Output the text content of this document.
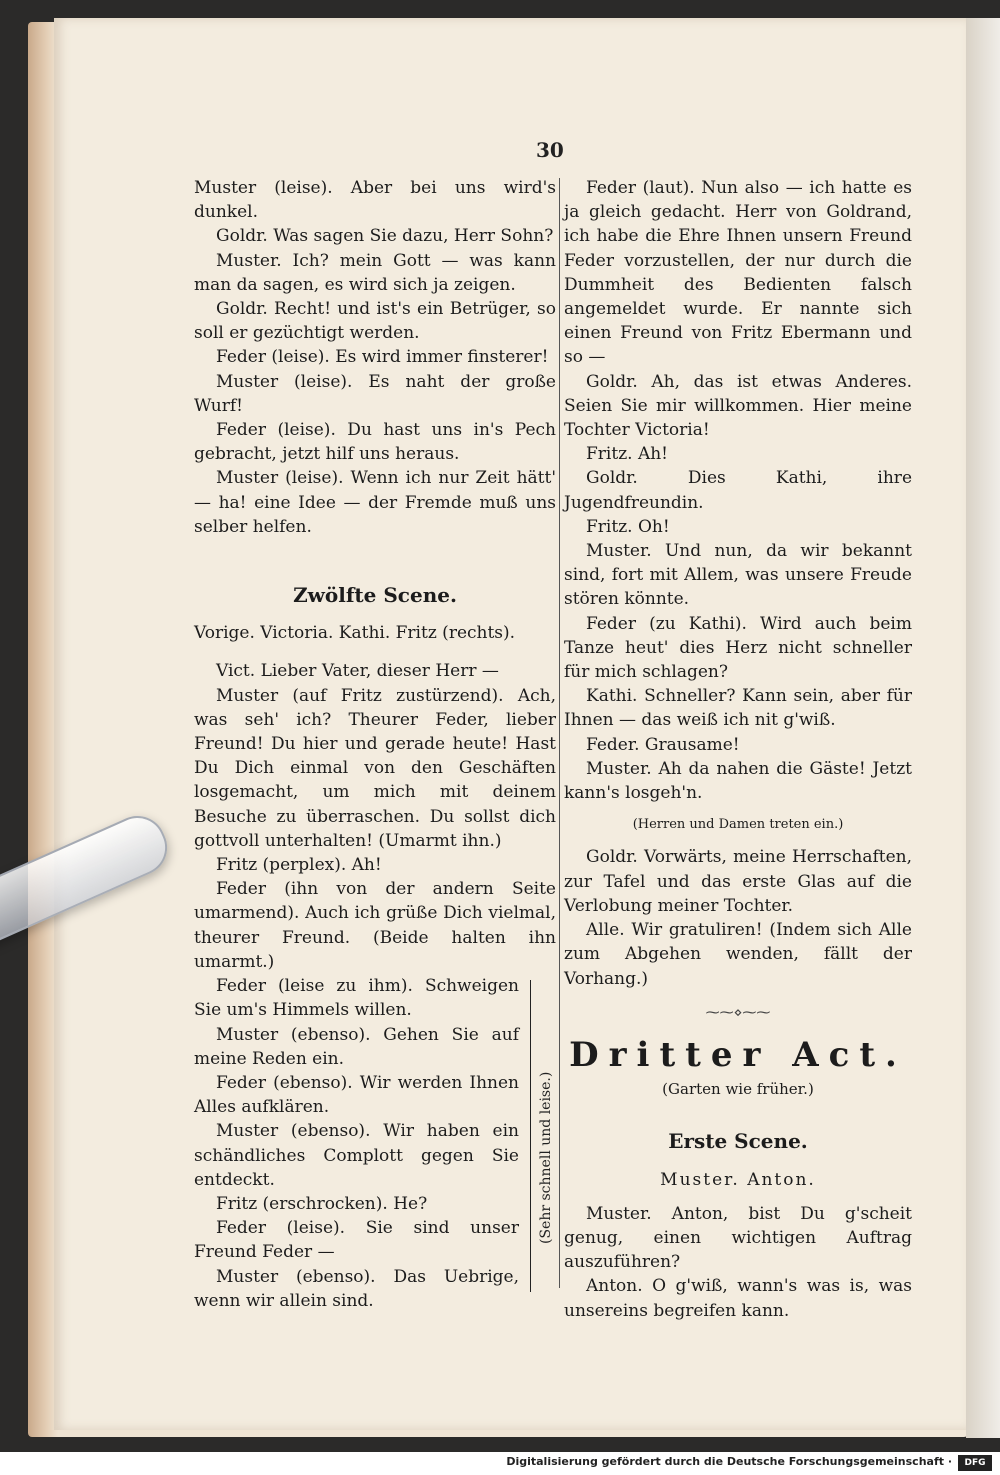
30

Muster (leise). Aber bei uns wird's dunkel.

Goldr. Was sagen Sie dazu, Herr Sohn?

Muster. Ich? mein Gott — was kann man da sagen, es wird sich ja zeigen.

Goldr. Recht! und ist's ein Betrüger, so soll er gezüchtigt werden.

Feder (leise). Es wird immer finsterer!

Muster (leise). Es naht der große Wurf!

Feder (leise). Du hast uns in's Pech gebracht, jetzt hilf uns heraus.

Muster (leise). Wenn ich nur Zeit hätt' — ha! eine Idee — der Fremde muß uns selber helfen.

Zwölfte Scene.

Vorige. Victoria. Kathi. Fritz (rechts).

Vict. Lieber Vater, dieser Herr —

Muster (auf Fritz zustürzend). Ach, was seh' ich? Theurer Feder, lieber Freund! Du hier und gerade heute! Hast Du Dich einmal von den Geschäften losgemacht, um mich mit deinem Besuche zu überraschen. Du sollst dich gottvoll unterhalten! (Umarmt ihn.)

Fritz (perplex). Ah!

Feder (ihn von der andern Seite umarmend). Auch ich grüße Dich vielmal, theurer Freund. (Beide halten ihn umarmt.)

Feder (leise zu ihm). Schweigen Sie um's Himmels willen.

Muster (ebenso). Gehen Sie auf meine Reden ein.

Feder (ebenso). Wir werden Ihnen Alles aufklären.

Muster (ebenso). Wir haben ein schändliches Complott gegen Sie entdeckt.

Fritz (erschrocken). He?

Feder (leise). Sie sind unser Freund Feder —

Muster (ebenso). Das Uebrige, wenn wir allein sind.

(Sehr schnell und leise.)

Feder (laut). Nun also — ich hatte es ja gleich gedacht. Herr von Goldrand, ich habe die Ehre Ihnen unsern Freund Feder vorzustellen, der nur durch die Dummheit des Bedienten falsch angemeldet wurde. Er nannte sich einen Freund von Fritz Ebermann und so —

Goldr. Ah, das ist etwas Anderes. Seien Sie mir willkommen. Hier meine Tochter Victoria!

Fritz. Ah!

Goldr. Dies Kathi, ihre Jugendfreundin.

Fritz. Oh!

Muster. Und nun, da wir bekannt sind, fort mit Allem, was unsere Freude stören könnte.

Feder (zu Kathi). Wird auch beim Tanze heut' dies Herz nicht schneller für mich schlagen?

Kathi. Schneller? Kann sein, aber für Ihnen — das weiß ich nit g'wiß.

Feder. Grausame!

Muster. Ah da nahen die Gäste! Jetzt kann's losgeh'n.

(Herren und Damen treten ein.)

Goldr. Vorwärts, meine Herrschaften, zur Tafel und das erste Glas auf die Verlobung meiner Tochter.

Alle. Wir gratuliren! (Indem sich Alle zum Abgehen wenden, fällt der Vorhang.)

⁓⁓⋄⁓⁓
Dritter Act.

(Garten wie früher.)

Erste Scene.

Muster. Anton.

Muster. Anton, bist Du g'scheit genug, einen wichtigen Auftrag auszuführen?

Anton. O g'wiß, wann's was is, was unsereins begreifen kann.

Digitalisierung gefördert durch die Deutsche Forschungsgemeinschaft ·	DFG
